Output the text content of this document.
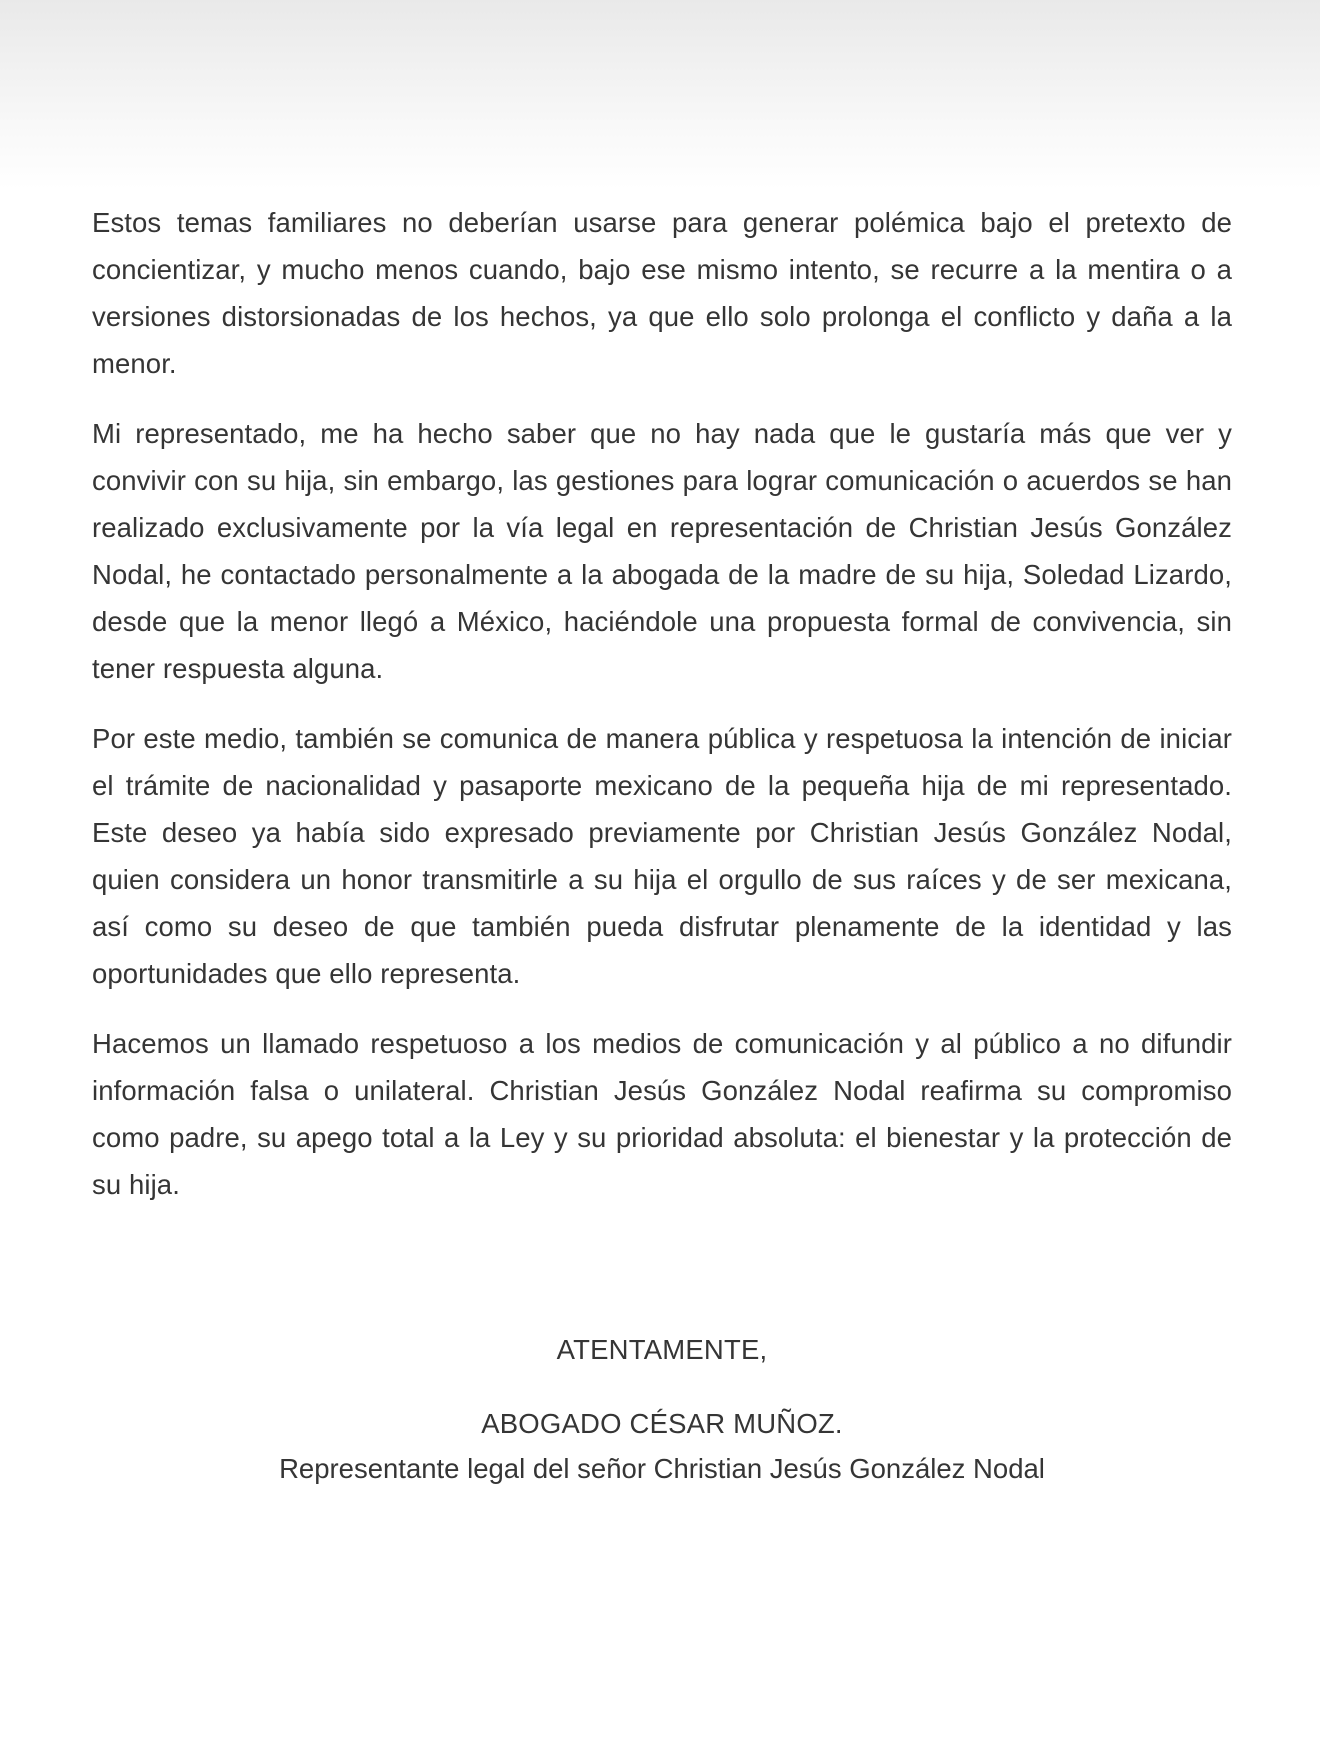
Estos temas familiares no deberían usarse para generar polémica bajo el pretexto de concientizar, y mucho menos cuando, bajo ese mismo intento, se recurre a la mentira o a versiones distorsionadas de los hechos, ya que ello solo prolonga el conflicto y daña a la menor.

Mi representado, me ha hecho saber que no hay nada que le gustaría más que ver y convivir con su hija, sin embargo, las gestiones para lograr comunicación o acuerdos se han realizado exclusivamente por la vía legal en representación de Christian Jesús González Nodal, he contactado personalmente a la abogada de la madre de su hija, Soledad Lizardo, desde que la menor llegó a México, haciéndole una propuesta formal de convivencia, sin tener respuesta alguna.

Por este medio, también se comunica de manera pública y respetuosa la intención de iniciar el trámite de nacionalidad y pasaporte mexicano de la pequeña hija de mi representado. Este deseo ya había sido expresado previamente por Christian Jesús González Nodal, quien considera un honor transmitirle a su hija el orgullo de sus raíces y de ser mexicana, así como su deseo de que también pueda disfrutar plenamente de la identidad y las oportunidades que ello representa.

Hacemos un llamado respetuoso a los medios de comunicación y al público a no difundir información falsa o unilateral. Christian Jesús González Nodal reafirma su compromiso como padre, su apego total a la Ley y su prioridad absoluta: el bienestar y la protección de su hija.

ATENTAMENTE,

ABOGADO CÉSAR MUÑOZ.

Representante legal del señor Christian Jesús González Nodal
